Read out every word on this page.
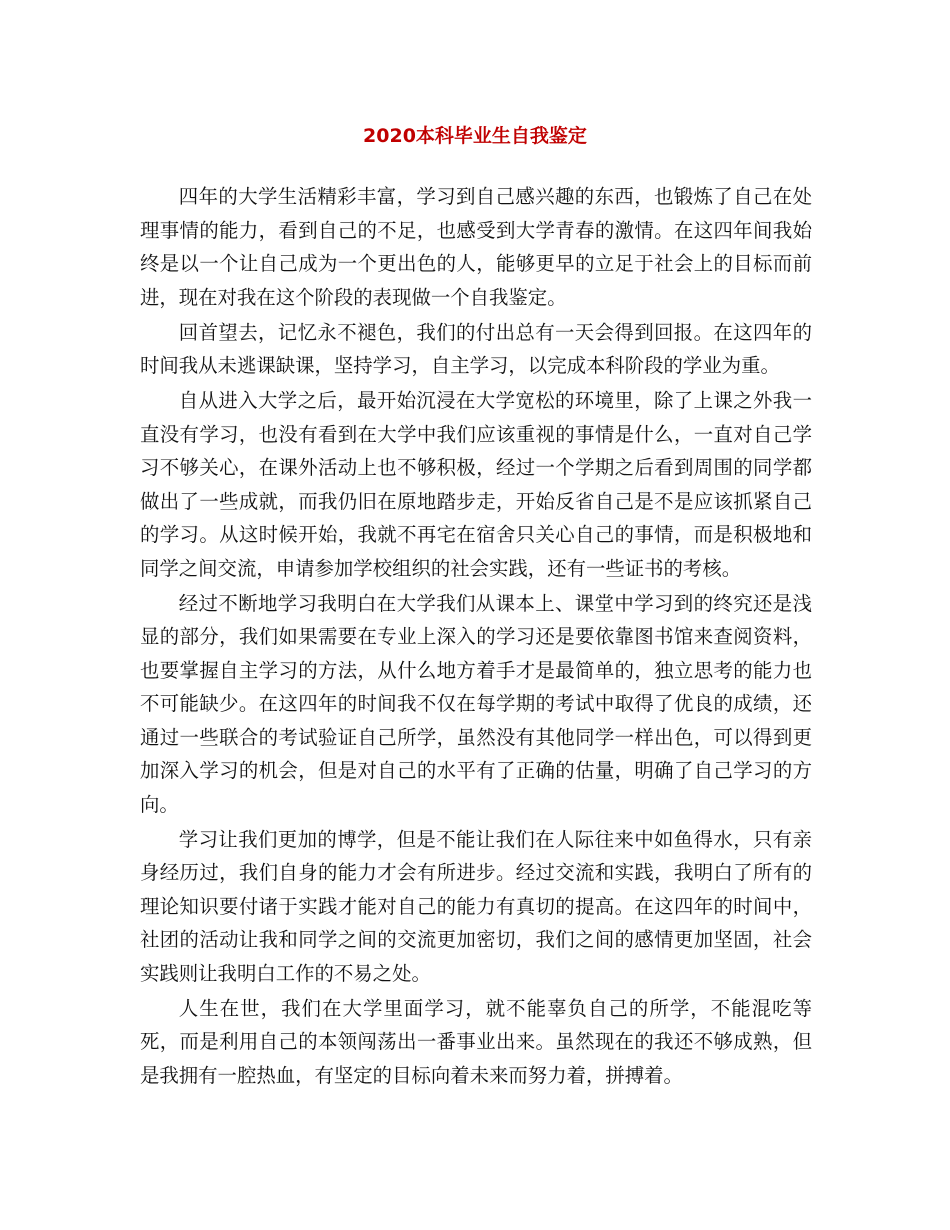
2020本科毕业生自我鉴定

四年的大学生活精彩丰富，学习到自己感兴趣的东西，也锻炼了自己在处理事情的能力，看到自己的不足，也感受到大学青春的激情。在这四年间我始终是以一个让自己成为一个更出色的人，能够更早的立足于社会上的目标而前进，现在对我在这个阶段的表现做一个自我鉴定。

回首望去，记忆永不褪色，我们的付出总有一天会得到回报。在这四年的时间我从未逃课缺课，坚持学习，自主学习，以完成本科阶段的学业为重。

自从进入大学之后，最开始沉浸在大学宽松的环境里，除了上课之外我一直没有学习，也没有看到在大学中我们应该重视的事情是什么，一直对自己学习不够关心，在课外活动上也不够积极，经过一个学期之后看到周围的同学都做出了一些成就，而我仍旧在原地踏步走，开始反省自己是不是应该抓紧自己的学习。从这时候开始，我就不再宅在宿舍只关心自己的事情，而是积极地和同学之间交流，申请参加学校组织的社会实践，还有一些证书的考核。

经过不断地学习我明白在大学我们从课本上、课堂中学习到的终究还是浅显的部分，我们如果需要在专业上深入的学习还是要依靠图书馆来查阅资料，也要掌握自主学习的方法，从什么地方着手才是最简单的，独立思考的能力也不可能缺少。在这四年的时间我不仅在每学期的考试中取得了优良的成绩，还通过一些联合的考试验证自己所学，虽然没有其他同学一样出色，可以得到更加深入学习的机会，但是对自己的水平有了正确的估量，明确了自己学习的方向。

学习让我们更加的博学，但是不能让我们在人际往来中如鱼得水，只有亲身经历过，我们自身的能力才会有所进步。经过交流和实践，我明白了所有的理论知识要付诸于实践才能对自己的能力有真切的提高。在这四年的时间中，社团的活动让我和同学之间的交流更加密切，我们之间的感情更加坚固，社会实践则让我明白工作的不易之处。

人生在世，我们在大学里面学习，就不能辜负自己的所学，不能混吃等死，而是利用自己的本领闯荡出一番事业出来。虽然现在的我还不够成熟，但是我拥有一腔热血，有坚定的目标向着未来而努力着，拼搏着。
